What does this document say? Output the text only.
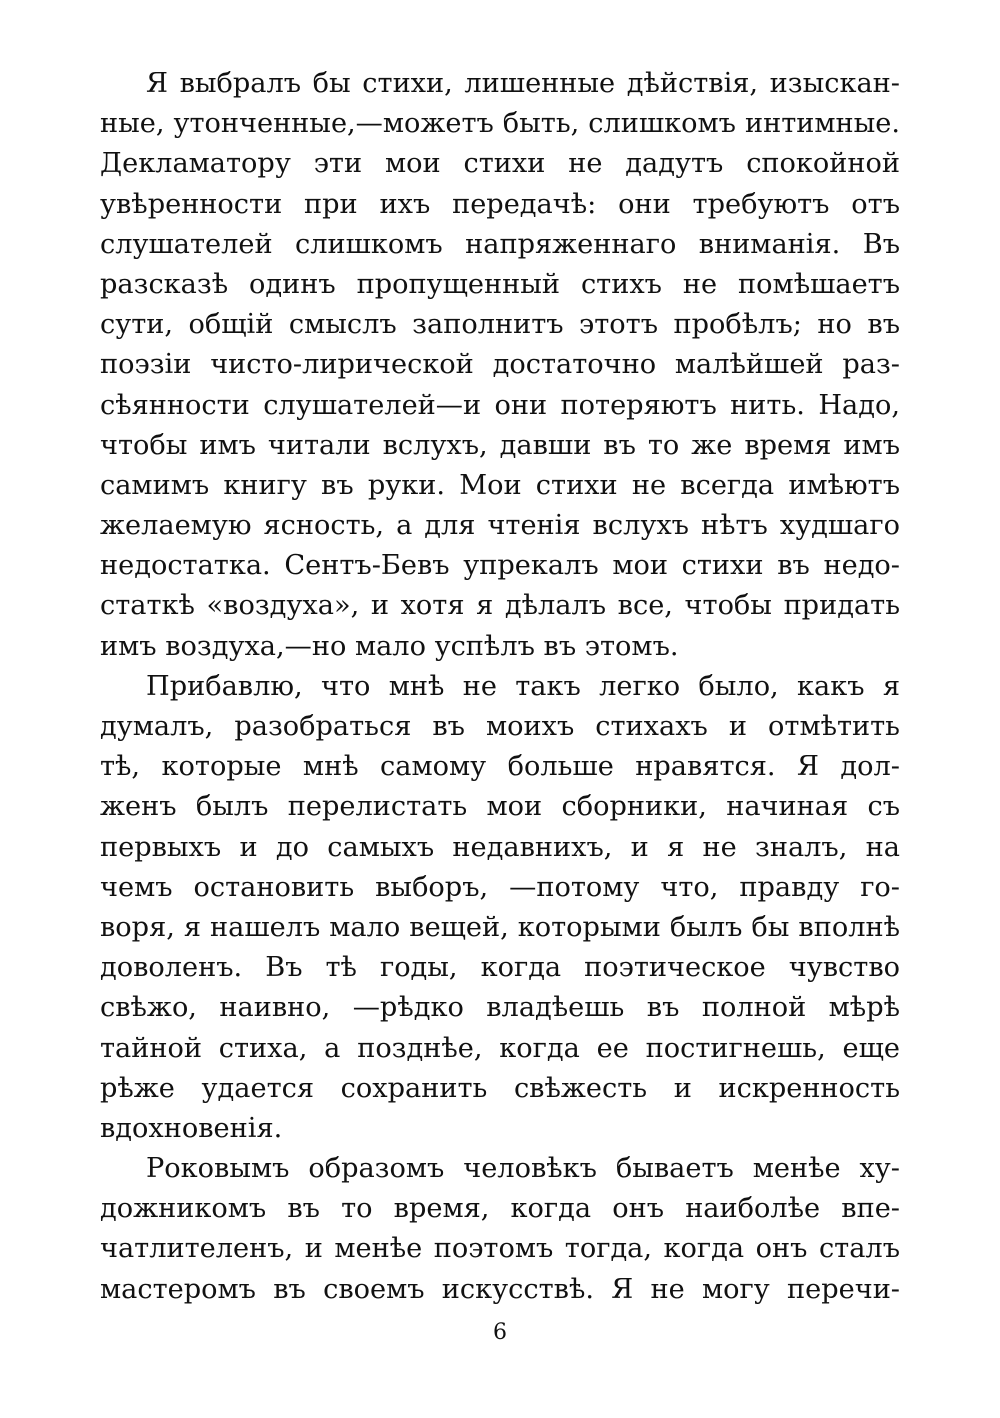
Я выбралъ бы стихи, лишенные дѣйствія, изыскан-
ные, утонченные,—можетъ быть, слишкомъ интимные.
Декламатору эти мои стихи не дадутъ спокойной
увѣренности при ихъ передачѣ: они требуютъ отъ
слушателей слишкомъ напряженнаго вниманія. Въ
разсказѣ одинъ пропущенный стихъ не помѣшаетъ
сути, общій смыслъ заполнитъ этотъ пробѣлъ; но въ
поэзіи чисто-лирической достаточно малѣйшей раз-
сѣянности слушателей—и они потеряютъ нить. Надо,
чтобы имъ читали вслухъ, давши въ то же время имъ
самимъ книгу въ руки. Мои стихи не всегда имѣютъ
желаемую ясность, а для чтенія вслухъ нѣтъ худшаго
недостатка. Сентъ-Бевъ упрекалъ мои стихи въ недо-
статкѣ «воздуха», и хотя я дѣлалъ все, чтобы придать
имъ воздуха,—но мало успѣлъ въ этомъ.
Прибавлю, что мнѣ не такъ легко было, какъ я
думалъ, разобраться въ моихъ стихахъ и отмѣтить
тѣ, которые мнѣ самому больше нравятся. Я дол-
женъ былъ перелистать мои сборники, начиная съ
первыхъ и до самыхъ недавнихъ, и я не зналъ, на
чемъ остановить выборъ, —потому что, правду го-
воря, я нашелъ мало вещей, которыми былъ бы вполнѣ
доволенъ. Въ тѣ годы, когда поэтическое чувство
свѣжо, наивно, —рѣдко владѣешь въ полной мѣрѣ
тайной стиха, а позднѣе, когда ее постигнешь, еще
рѣже удается сохранить свѣжесть и искренность
вдохновенія.
Роковымъ образомъ человѣкъ бываетъ менѣе ху-
дожникомъ въ то время, когда онъ наиболѣе впе-
чатлителенъ, и менѣе поэтомъ тогда, когда онъ сталъ
мастеромъ въ своемъ искусствѣ. Я не могу перечи-
6
